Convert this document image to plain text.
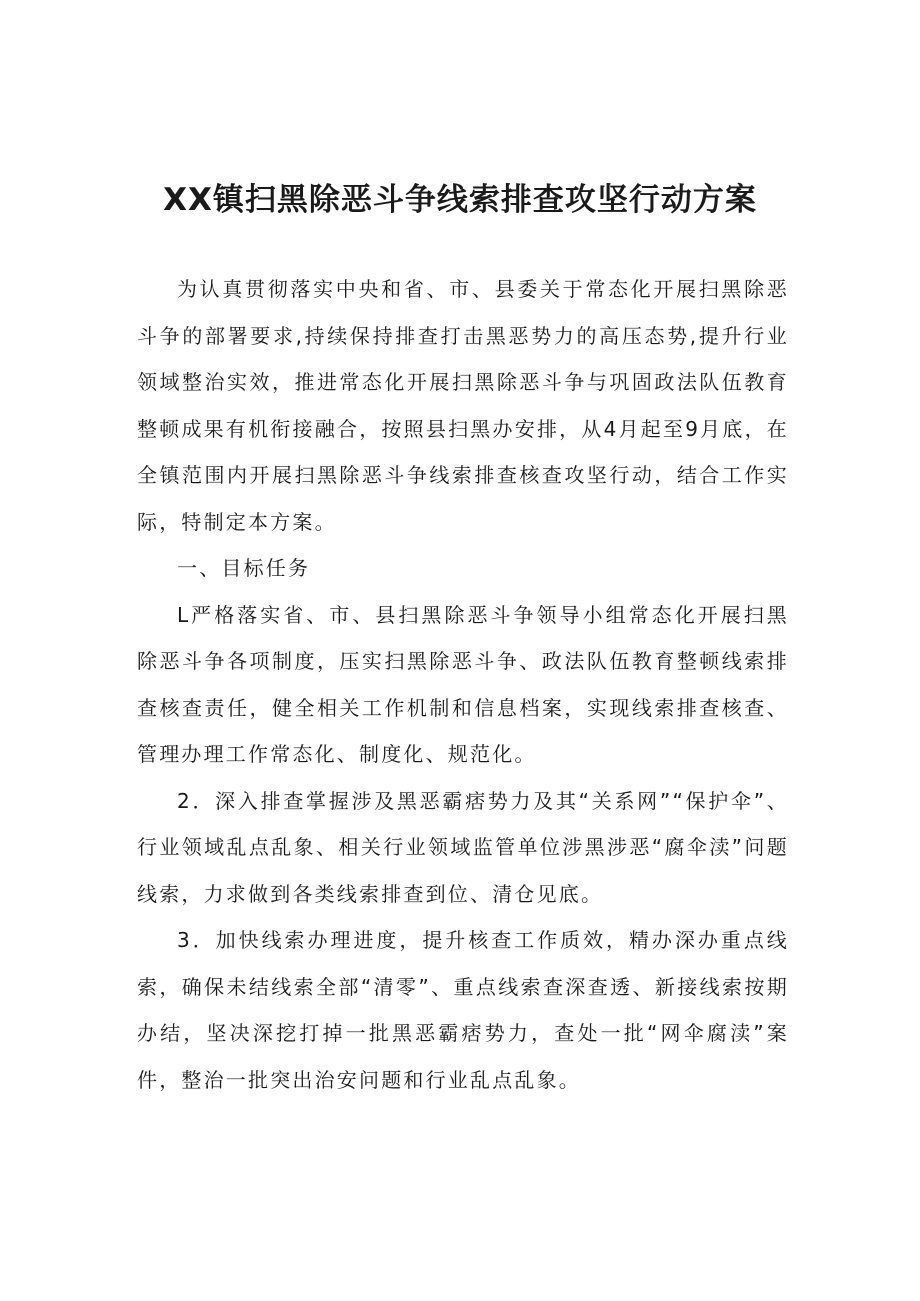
XX镇扫黑除恶斗争线索排查攻坚行动方案

为认真贯彻落实中央和省、市、县委关于常态化开展扫黑除恶斗争的部署要求,持续保持排查打击黑恶势力的高压态势,提升行业领域整治实效，推进常态化开展扫黑除恶斗争与巩固政法队伍教育整顿成果有机衔接融合，按照县扫黑办安排，从4月起至9月底，在全镇范围内开展扫黑除恶斗争线索排查核查攻坚行动，结合工作实际，特制定本方案。

一、目标任务

L严格落实省、市、县扫黑除恶斗争领导小组常态化开展扫黑除恶斗争各项制度，压实扫黑除恶斗争、政法队伍教育整顿线索排查核查责任，健全相关工作机制和信息档案，实现线索排查核查、管理办理工作常态化、制度化、规范化。

2．深入排查掌握涉及黑恶霸痞势力及其“关系网”“保护伞”、行业领域乱点乱象、相关行业领域监管单位涉黑涉恶“腐伞渎”问题线索，力求做到各类线索排查到位、清仓见底。

3．加快线索办理进度，提升核查工作质效，精办深办重点线索，确保未结线索全部“清零”、重点线索查深查透、新接线索按期办结，坚决深挖打掉一批黑恶霸痞势力，查处一批“网伞腐渎”案件，整治一批突出治安问题和行业乱点乱象。
